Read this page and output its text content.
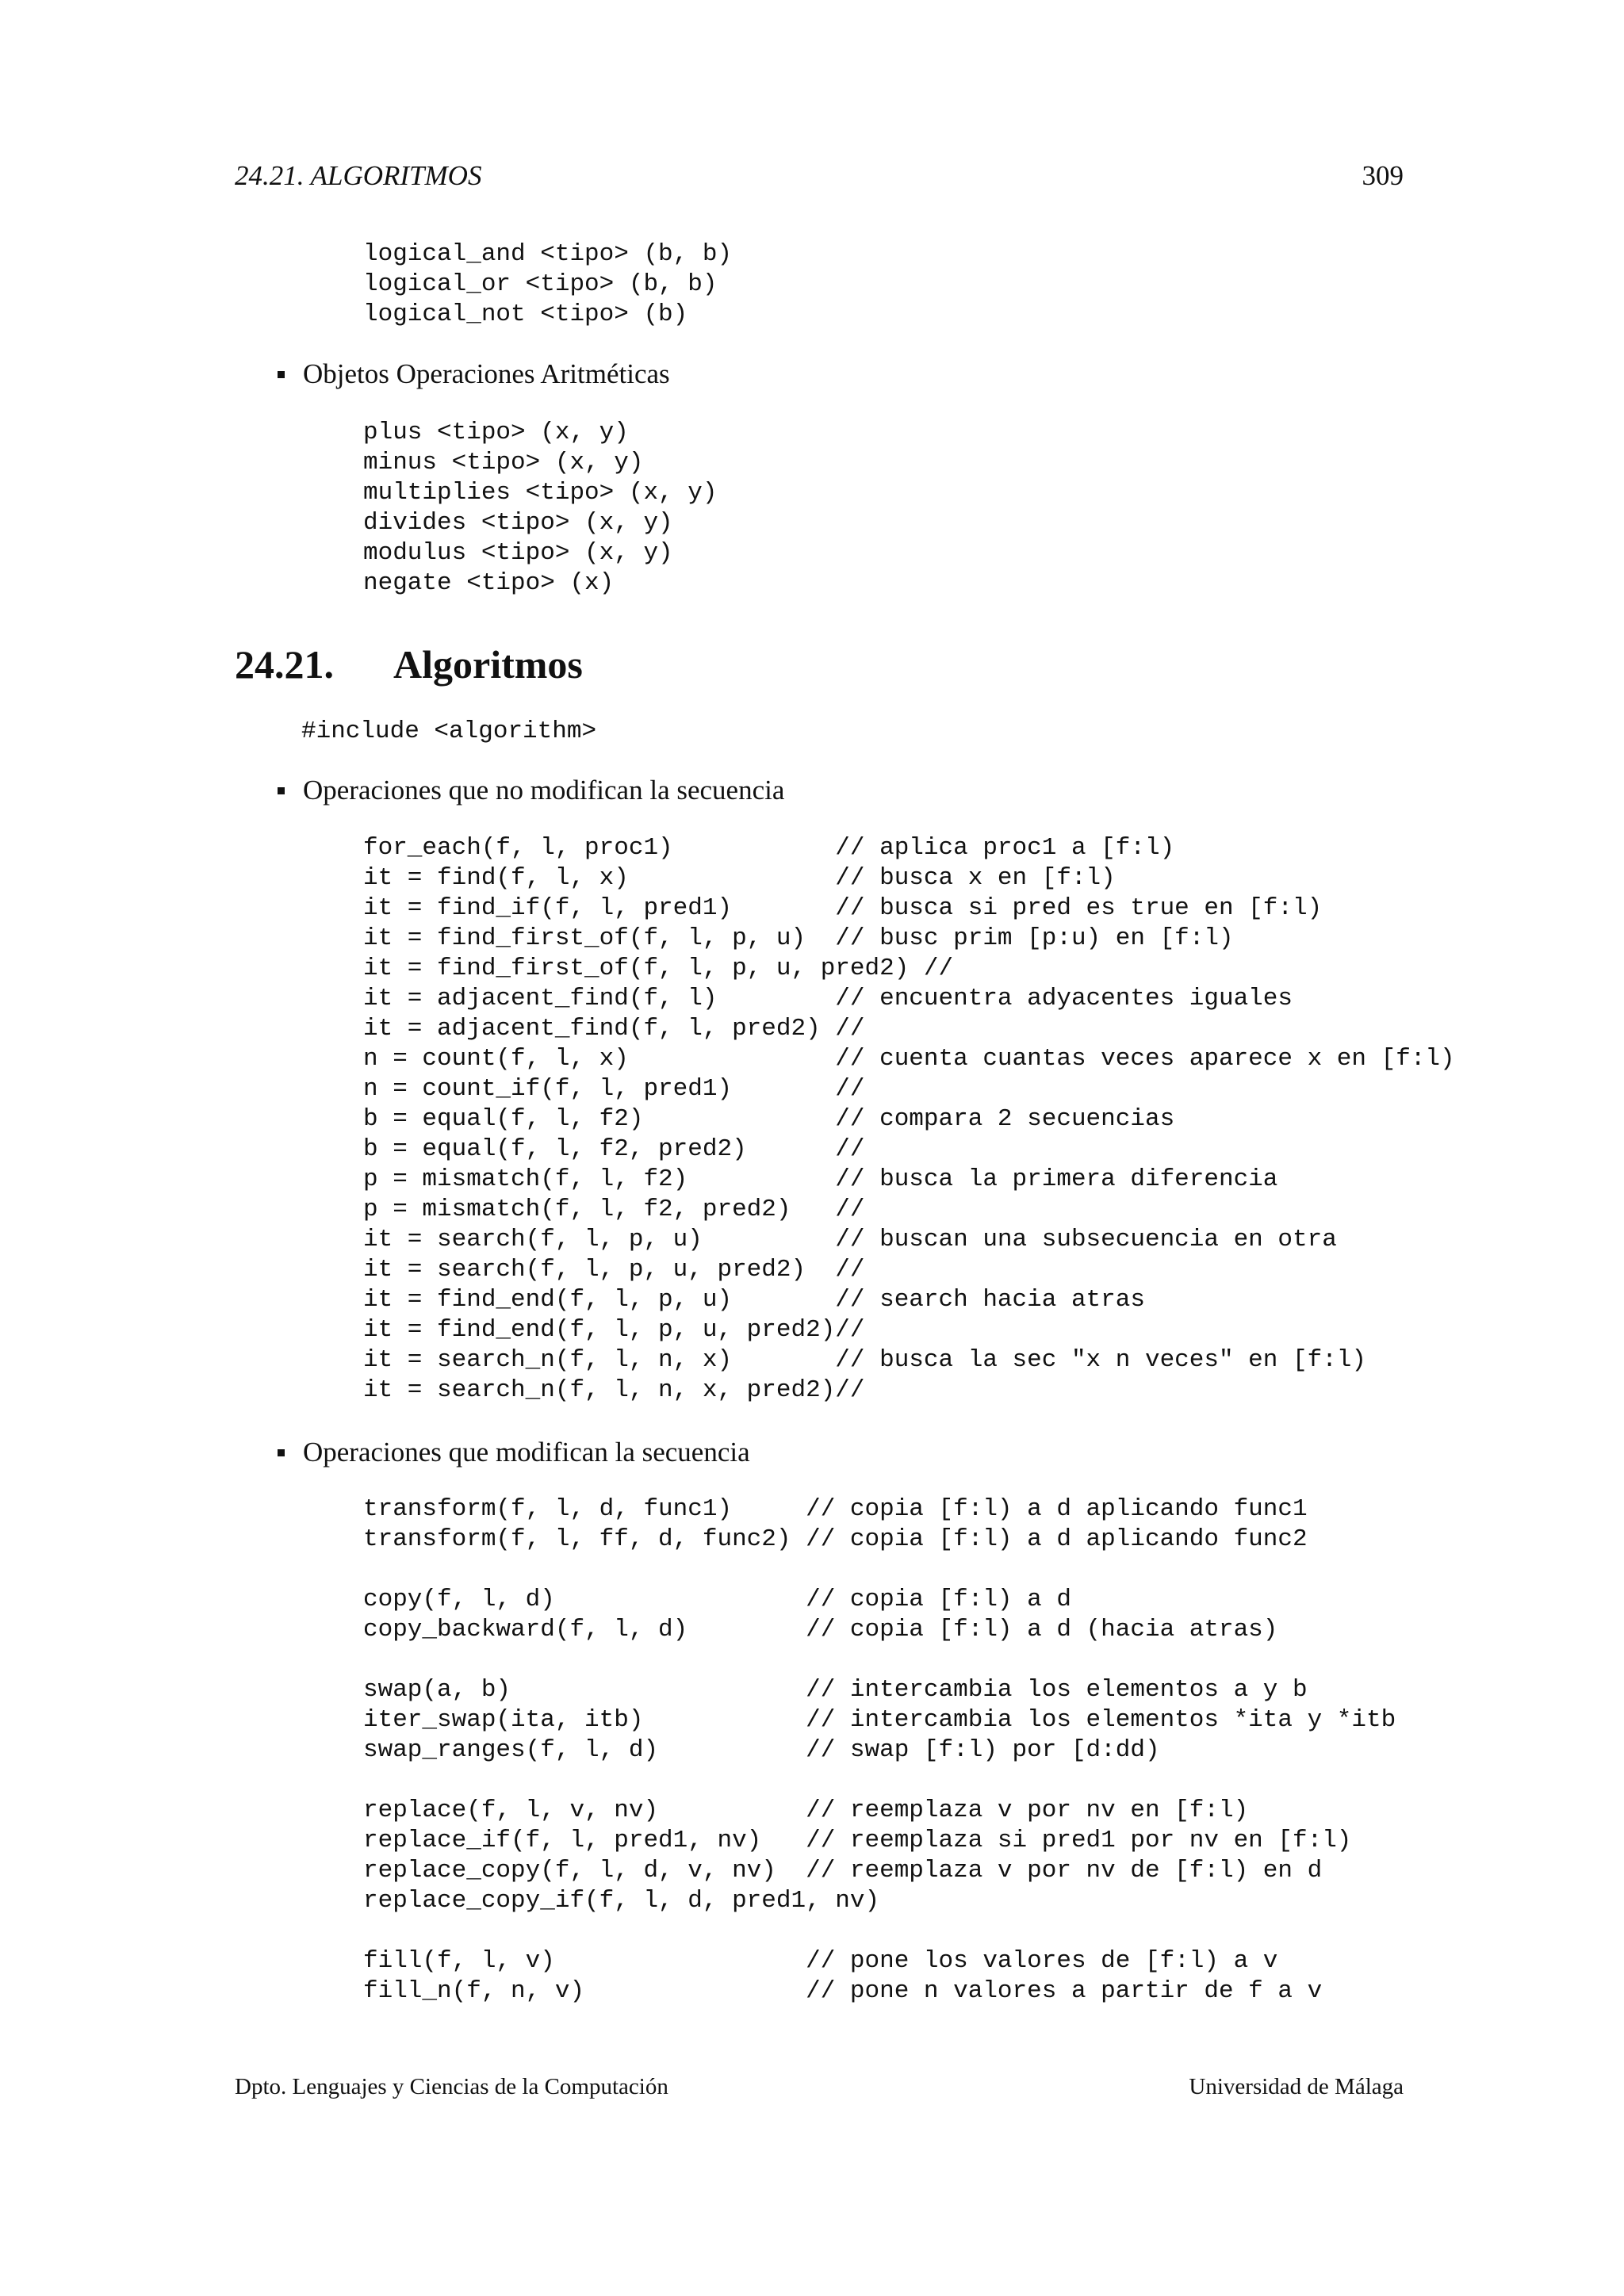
24.21. ALGORITMOS	309
logical_and <tipo> (b, b)
logical_or <tipo> (b, b)
logical_not <tipo> (b)
Objetos Operaciones Aritméticas
plus <tipo> (x, y)
minus <tipo> (x, y)
multiplies <tipo> (x, y)
divides <tipo> (x, y)
modulus <tipo> (x, y)
negate <tipo> (x)
24.21. Algoritmos
#include <algorithm>
Operaciones que no modifican la secuencia
for_each(f, l, proc1)           // aplica proc1 a [f:l)
it = find(f, l, x)              // busca x en [f:l)
it = find_if(f, l, pred1)       // busca si pred es true en [f:l)
it = find_first_of(f, l, p, u)  // busc prim [p:u) en [f:l)
it = find_first_of(f, l, p, u, pred2) //
it = adjacent_find(f, l)        // encuentra adyacentes iguales
it = adjacent_find(f, l, pred2) //
n = count(f, l, x)              // cuenta cuantas veces aparece x en [f:l)
n = count_if(f, l, pred1)       //
b = equal(f, l, f2)             // compara 2 secuencias
b = equal(f, l, f2, pred2)      //
p = mismatch(f, l, f2)          // busca la primera diferencia
p = mismatch(f, l, f2, pred2)   //
it = search(f, l, p, u)         // buscan una subsecuencia en otra
it = search(f, l, p, u, pred2)  //
it = find_end(f, l, p, u)       // search hacia atras
it = find_end(f, l, p, u, pred2)//
it = search_n(f, l, n, x)       // busca la sec "x n veces" en [f:l)
it = search_n(f, l, n, x, pred2)//
Operaciones que modifican la secuencia
transform(f, l, d, func1)     // copia [f:l) a d aplicando func1
transform(f, l, ff, d, func2) // copia [f:l) a d aplicando func2

copy(f, l, d)                 // copia [f:l) a d
copy_backward(f, l, d)        // copia [f:l) a d (hacia atras)

swap(a, b)                    // intercambia los elementos a y b
iter_swap(ita, itb)           // intercambia los elementos *ita y *itb
swap_ranges(f, l, d)          // swap [f:l) por [d:dd)

replace(f, l, v, nv)          // reemplaza v por nv en [f:l)
replace_if(f, l, pred1, nv)   // reemplaza si pred1 por nv en [f:l)
replace_copy(f, l, d, v, nv)  // reemplaza v por nv de [f:l) en d
replace_copy_if(f, l, d, pred1, nv)

fill(f, l, v)                 // pone los valores de [f:l) a v
fill_n(f, n, v)               // pone n valores a partir de f a v
Dpto. Lenguajes y Ciencias de la Computación	Universidad de Málaga
